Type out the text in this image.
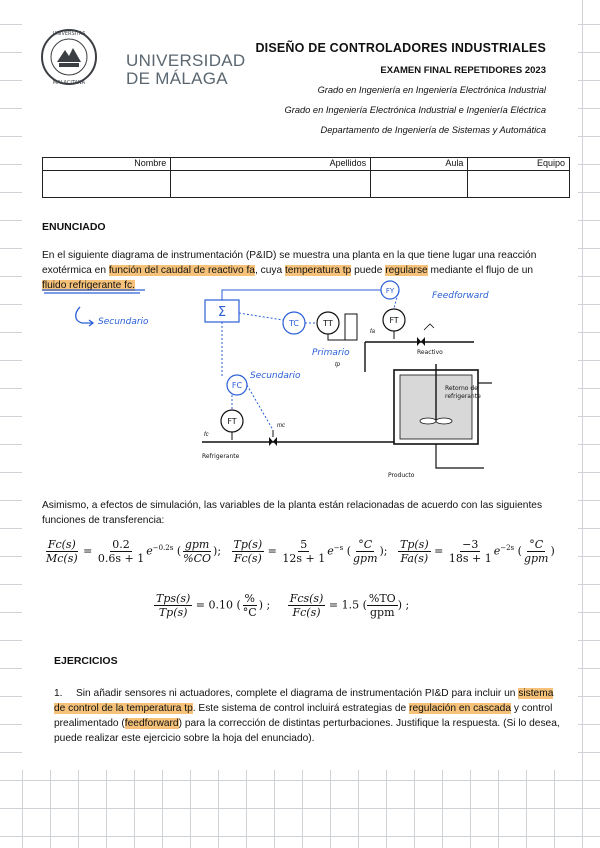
UNIVERSITAS
MALACITANA
UNIVERSIDAD
DE MÁLAGA
DISEÑO DE CONTROLADORES INDUSTRIALES
EXAMEN FINAL REPETIDORES 2023
Grado en Ingeniería en Ingeniería Electrónica Industrial
Grado en Ingeniería Electrónica Industrial e Ingeniería Eléctrica
Departamento de Ingeniería de Sistemas y Automática
Nombre	Apellidos	Aula	Equipo

ENUNCIADO
En el siguiente diagrama de instrumentación (P&ID) se muestra una planta en la que tiene lugar una reacción exotérmica en función del caudal de reactivo fa, cuya temperatura tp puede regularse mediante el flujo de un
fluido refrigerante fc.
Secundario
Σ
FY	Feedforward
TC	TT
Primario
FT
fa
Reactivo
tp
Retorno de
refrigerante
Producto
FC
Secundario
FT
fc
mc
Refrigerante
Asimismo, a efectos de simulación, las variables de la planta están relacionadas de acuerdo con las siguientes funciones de transferencia:
$\frac{Fc(s)}{Mc(s)} = \frac{0.2}{0.6s + 1} e^{-0.2s}$ ( $\frac{\text{gpm}}{\%CO}$ ); $\frac{Tp(s)}{Fc(s)} = \frac{5}{12s + 1} e^{-s}$ ( $\frac{^\circ C}{\text{gpm}}$ ); $\frac{Tp(s)}{Fa(s)} = \frac{-3}{18s + 1} e^{-2s}$ ( $\frac{^\circ C}{\text{gpm}}$ )
$\frac{\text{Tps(s)}}{Tp(s)} = 0.10$ ( $\frac{\%}{^\circ C}$ ) ; $\frac{\text{Fcs(s)}}{Fc(s)} = 1.5$ ( $\frac{\%TO}{\text{gpm}}$ ) ;
EJERCICIOS
1.	Sin añadir sensores ni actuadores, complete el diagrama de instrumentación PI&D para incluir un sistema de control de la temperatura tp. Este sistema de control incluirá estrategias de regulación en cascada y control prealimentado (feedforward) para la corrección de distintas perturbaciones. Justifique la respuesta. (Si lo desea, puede realizar este ejercicio sobre la hoja del enunciado).
